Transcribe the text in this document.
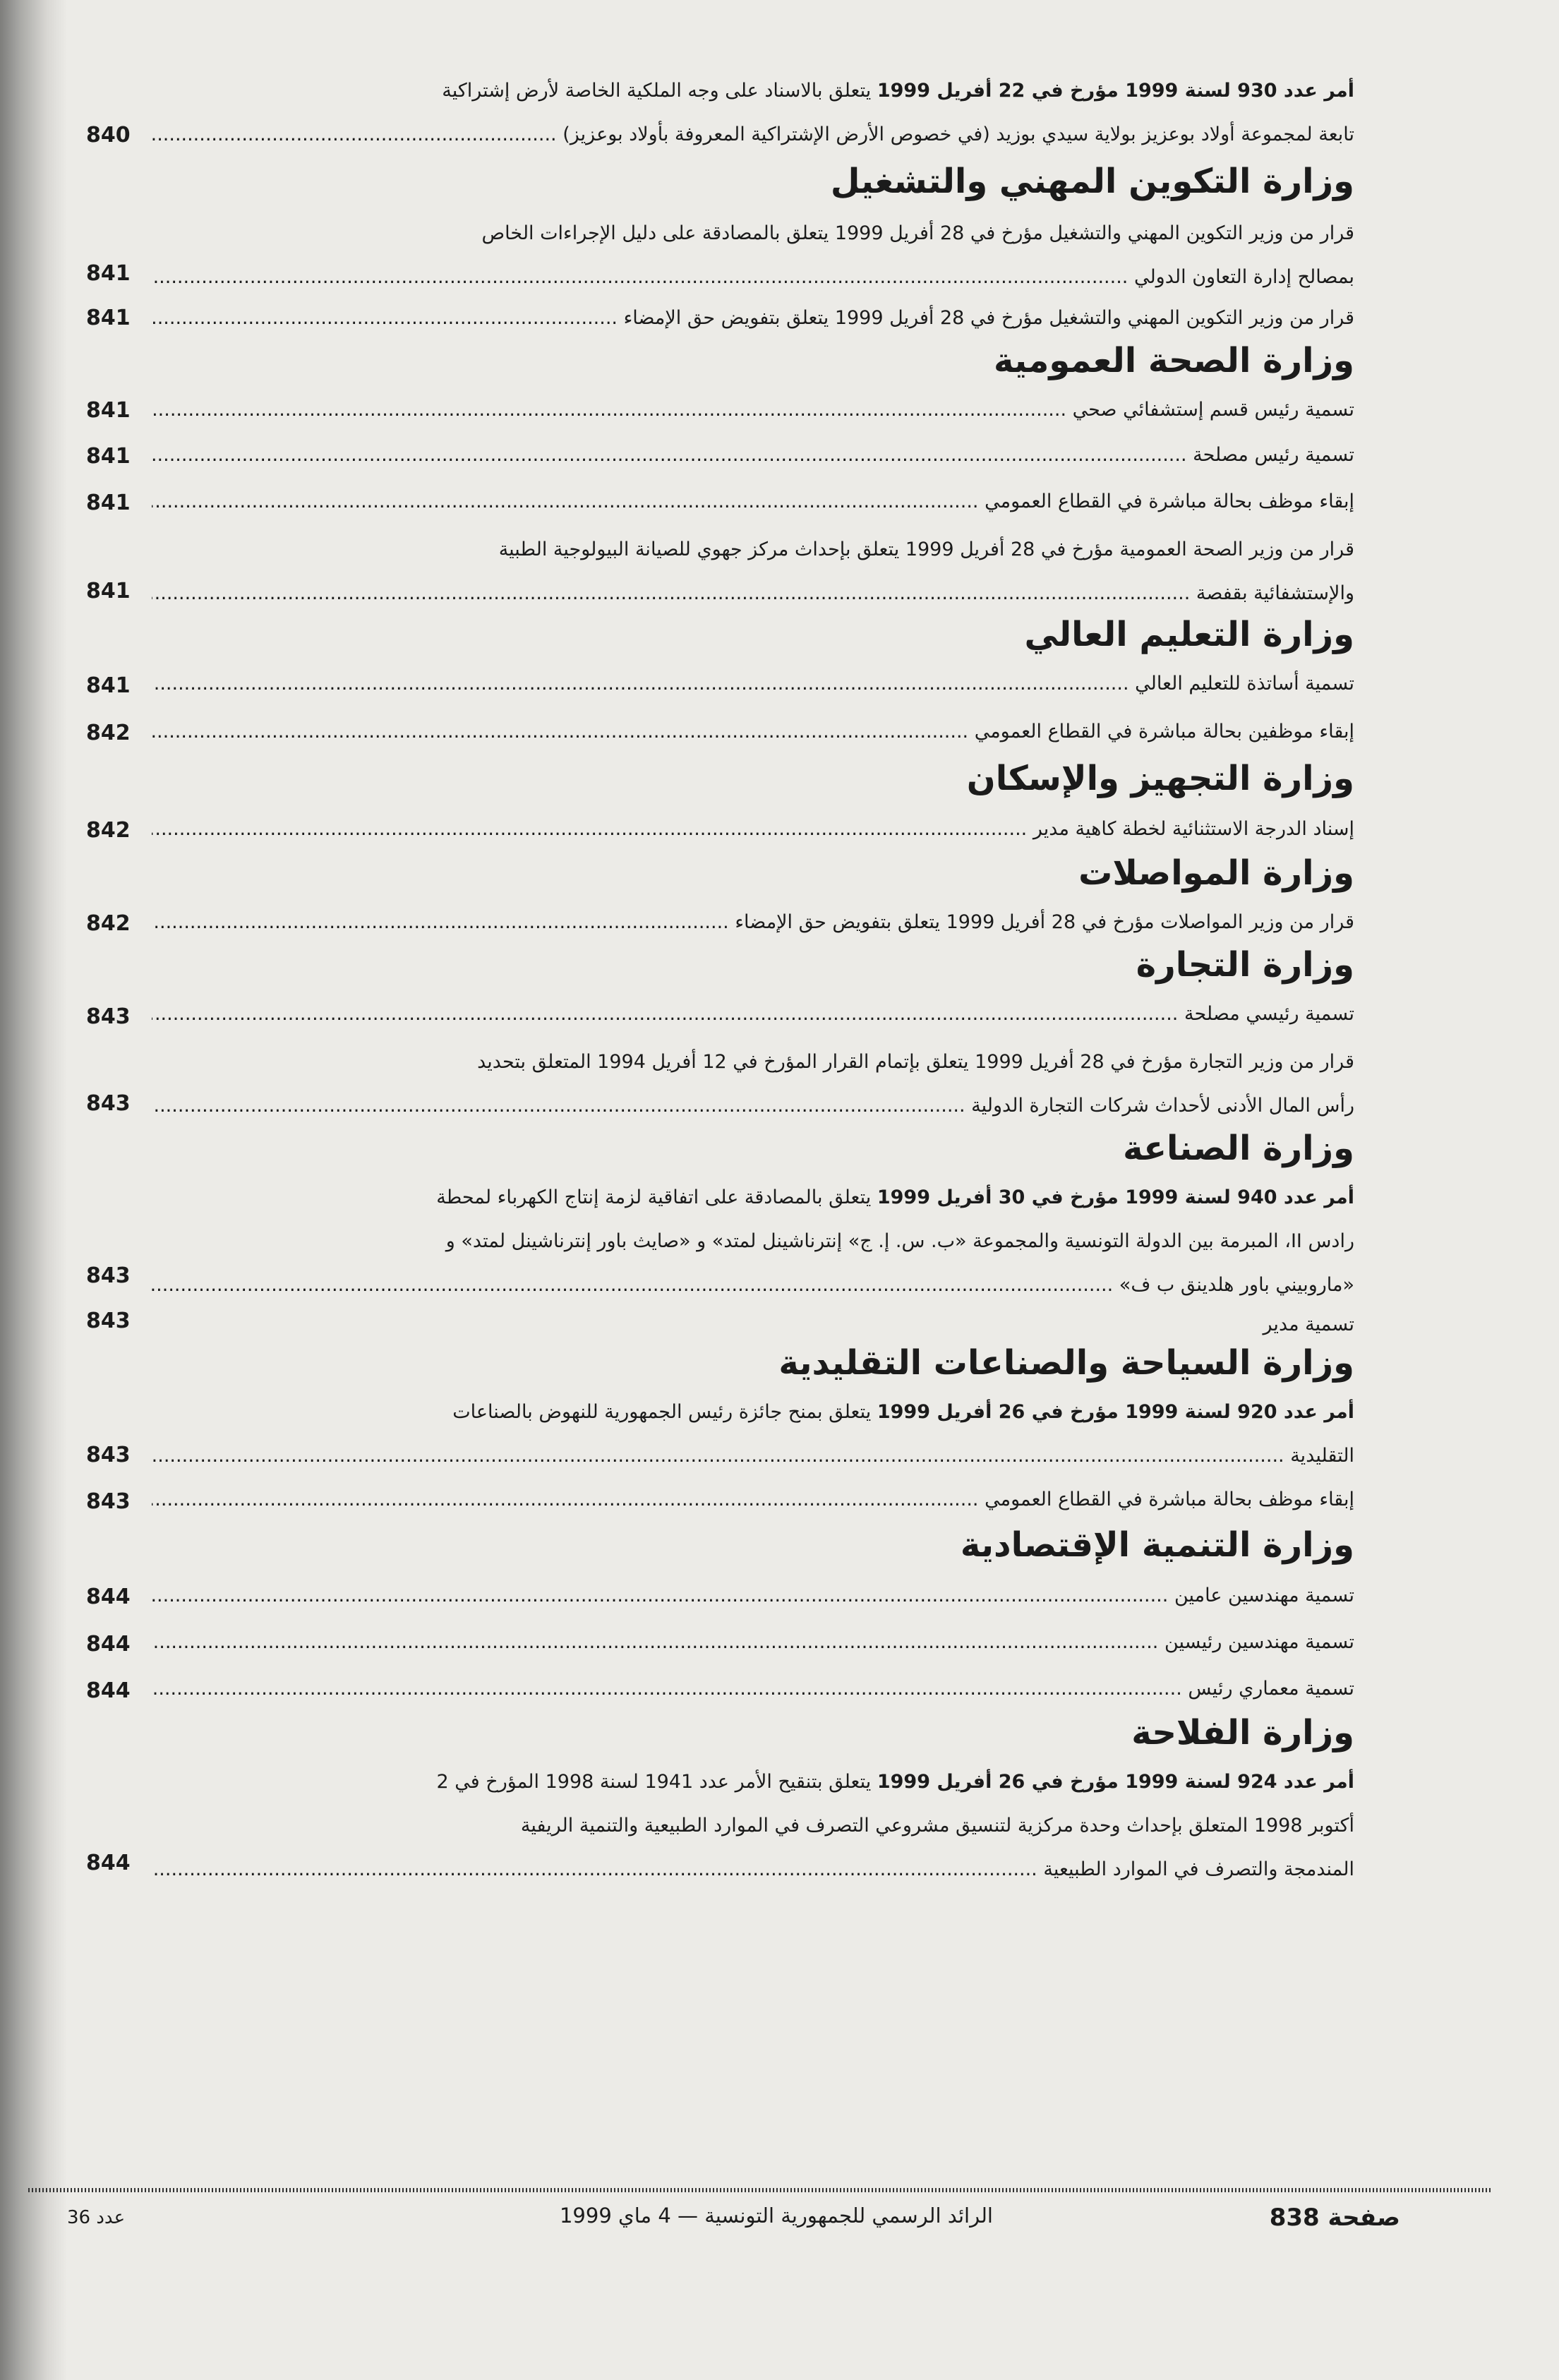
أمر عدد 930 لسنة 1999 مؤرخ في 22 أفريل 1999 يتعلق بالاسناد على وجه الملكية الخاصة لأرض إشتراكية
تابعة لمجموعة أولاد بوعزيز بولاية سيدي بوزيد (في خصوص الأرض الإشتراكية المعروفة بأولاد بوعزيز) .....
840
وزارة التكوين المهني والتشغيل
قرار من وزير التكوين المهني والتشغيل مؤرخ في 28 أفريل 1999 يتعلق بالمصادقة على دليل الإجراءات الخاص
بمصالح إدارة التعاون الدولي .....
841
قرار من وزير التكوين المهني والتشغيل مؤرخ في 28 أفريل 1999 يتعلق بتفويض حق الإمضاء .....
841
وزارة الصحة العمومية
تسمية رئيس قسم إستشفائي صحي .....
841
تسمية رئيس مصلحة .....
841
إبقاء موظف بحالة مباشرة في القطاع العمومي .....
841
قرار من وزير الصحة العمومية مؤرخ في 28 أفريل 1999 يتعلق بإحداث مركز جهوي للصيانة البيولوجية الطبية
والإستشفائية بقفصة .....
841
وزارة التعليم العالي
تسمية أساتذة للتعليم العالي .....
841
إبقاء موظفين بحالة مباشرة في القطاع العمومي .....
842
وزارة التجهيز والإسكان
إسناد الدرجة الاستثنائية لخطة كاهية مدير .....
842
وزارة المواصلات
قرار من وزير المواصلات مؤرخ في 28 أفريل 1999 يتعلق بتفويض حق الإمضاء .....
842
وزارة التجارة
تسمية رئيسي مصلحة .....
843
قرار من وزير التجارة مؤرخ في 28 أفريل 1999 يتعلق بإتمام القرار المؤرخ في 12 أفريل 1994 المتعلق بتحديد
رأس المال الأدنى لأحداث شركات التجارة الدولية .....
843
وزارة الصناعة
أمر عدد 940 لسنة 1999 مؤرخ في 30 أفريل 1999 يتعلق بالمصادقة على اتفاقية لزمة إنتاج الكهرباء لمحطة
رادس II، المبرمة بين الدولة التونسية والمجموعة «ب. س. إ. ج» إنترناشينل لمتد» و «صايث باور إنترناشينل لمتد» و
«ماروبيني باور هلدينق ب ف» .....
843
تسمية مدير
843
وزارة السياحة والصناعات التقليدية
أمر عدد 920 لسنة 1999 مؤرخ في 26 أفريل 1999 يتعلق بمنح جائزة رئيس الجمهورية للنهوض بالصناعات
التقليدية .....
843
إبقاء موظف بحالة مباشرة في القطاع العمومي .....
843
وزارة التنمية الإقتصادية
تسمية مهندسين عامين .....
844
تسمية مهندسين رئيسين .....
844
تسمية معماري رئيس .....
844
وزارة الفلاحة
أمر عدد 924 لسنة 1999 مؤرخ في 26 أفريل 1999 يتعلق بتنقيح الأمر عدد 1941 لسنة 1998 المؤرخ في 2
أكتوبر 1998 المتعلق بإحداث وحدة مركزية لتنسيق مشروعي التصرف في الموارد الطبيعية والتنمية الريفية
المندمجة والتصرف في الموارد الطبيعية .....
844
صفحة 838
الرائد الرسمي للجمهورية التونسية — 4 ماي 1999
عدد 36
